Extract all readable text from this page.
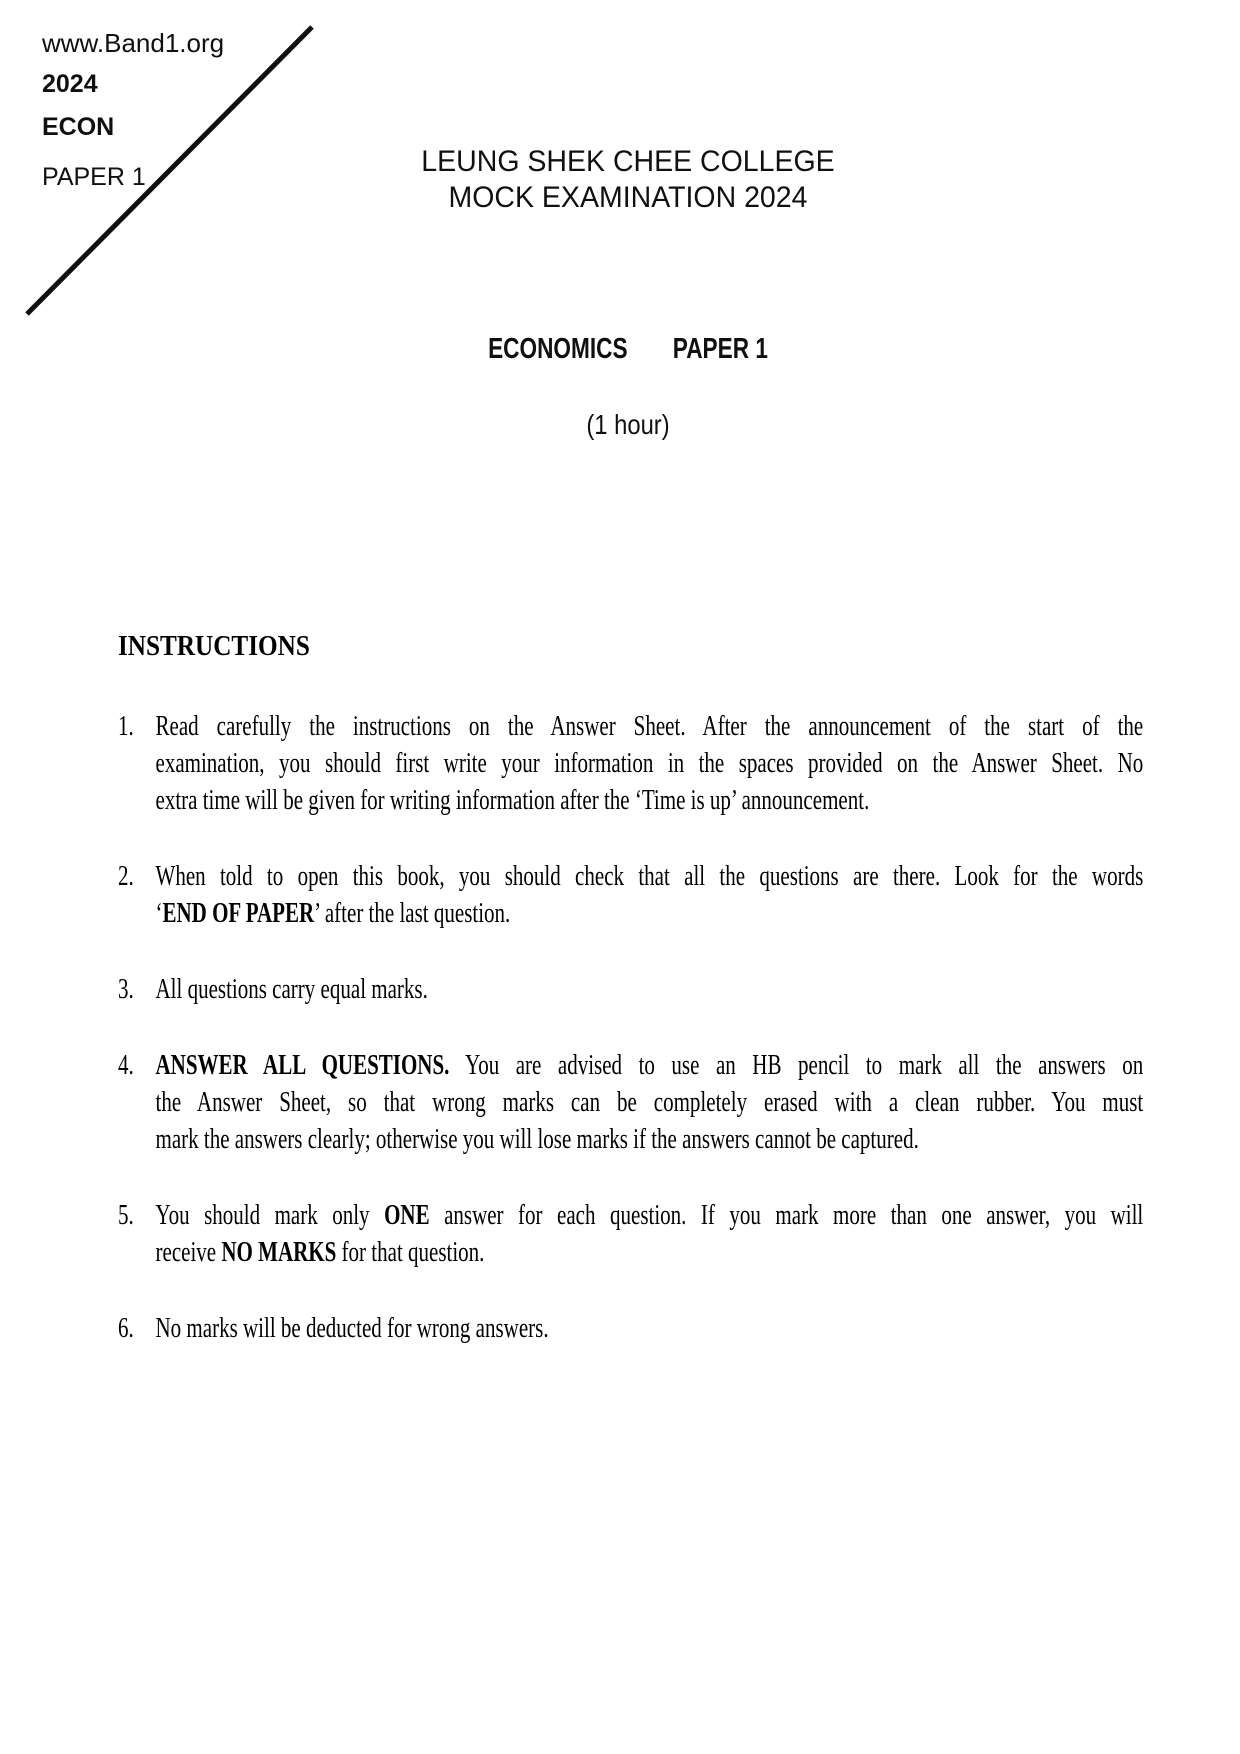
www.Band1.org
2024
ECON
PAPER 1	LEUNG SHEK CHEE COLLEGE
MOCK EXAMINATION 2024
ECONOMICS PAPER 1
(1 hour)
INSTRUCTIONS
1. Read carefully the instructions on the Answer Sheet. After the announcement of the start of the
examination, you should first write your information in the spaces provided on the Answer Sheet. No
extra time will be given for writing information after the ‘Time is up’ announcement.
2. When told to open this book, you should check that all the questions are there. Look for the words
‘END OF PAPER’ after the last question.
3. All questions carry equal marks.
4. ANSWER ALL QUESTIONS. You are advised to use an HB pencil to mark all the answers on
the Answer Sheet, so that wrong marks can be completely erased with a clean rubber. You must
mark the answers clearly; otherwise you will lose marks if the answers cannot be captured.
5. You should mark only ONE answer for each question. If you mark more than one answer, you will
receive NO MARKS for that question.
6. No marks will be deducted for wrong answers.
